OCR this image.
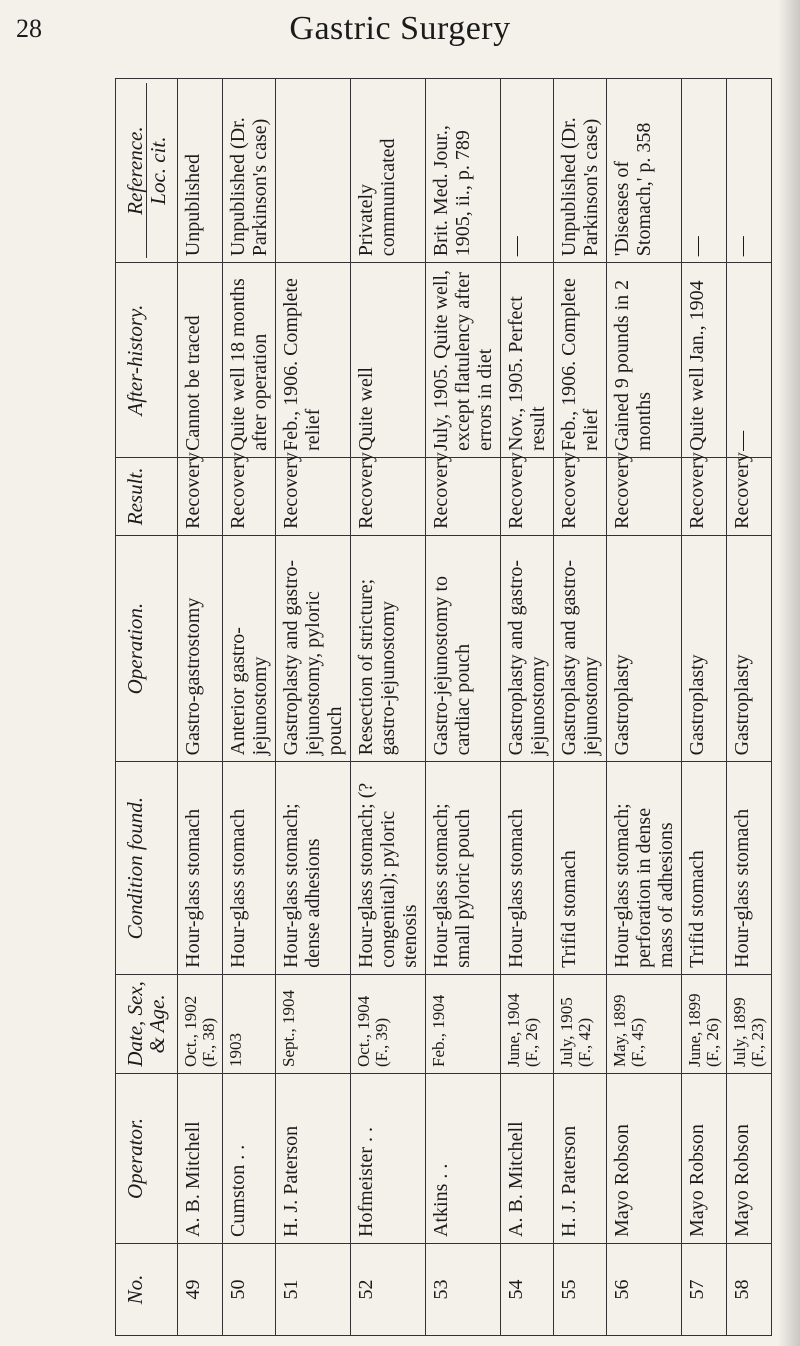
28	Gastric Surgery
No.	Operator.	Date, Sex, & Age.	Condition found.	Operation.	Result.	After-history.	Reference. Loc. cit.

49	A. B. Mitchell	Oct., 1902 (F., 38)	Hour-glass stomach	Gastro-gastrostomy	Recovery	Cannot be traced	Unpublished
50	Cumston . .	1903	Hour-glass stomach	Anterior gastro-jejunostomy	Recovery	Quite well 18 months after operation	Unpublished (Dr. Parkinson's case)
51	H. J. Paterson	Sept., 1904	Hour-glass stomach; dense adhesions	Gastroplasty and gastro-jejunostomy, pyloric pouch	Recovery	Feb., 1906. Complete relief	
52	Hofmeister . .	Oct., 1904 (F., 39)	Hour-glass stomach; (? congenital); pyloric stenosis	Resection of stricture; gastro-jejunostomy	Recovery	Quite well	Privately communicated
53	Atkins . .	Feb., 1904	Hour-glass stomach; small pyloric pouch	Gastro-jejunostomy to cardiac pouch	Recovery	July, 1905. Quite well, except flatulency after errors in diet	Brit. Med. Jour., 1905, ii., p. 789
54	A. B. Mitchell	June, 1904 (F., 26)	Hour-glass stomach	Gastroplasty and gastro-jejunostomy	Recovery	Nov., 1905. Perfect result	—
55	H. J. Paterson	July, 1905 (F., 42)	Trifid stomach	Gastroplasty and gastro-jejunostomy	Recovery	Feb., 1906. Complete relief	Unpublished (Dr. Parkinson's case)
56	Mayo Robson	May, 1899 (F., 45)	Hour-glass stomach; perforation in dense mass of adhesions	Gastroplasty	Recovery	Gained 9 pounds in 2 months	'Diseases of Stomach,' p. 358
57	Mayo Robson	June, 1899 (F., 26)	Trifid stomach	Gastroplasty	Recovery	Quite well Jan., 1904	—
58	Mayo Robson	July, 1899 (F., 23)	Hour-glass stomach	Gastroplasty	Recovery	—	—
